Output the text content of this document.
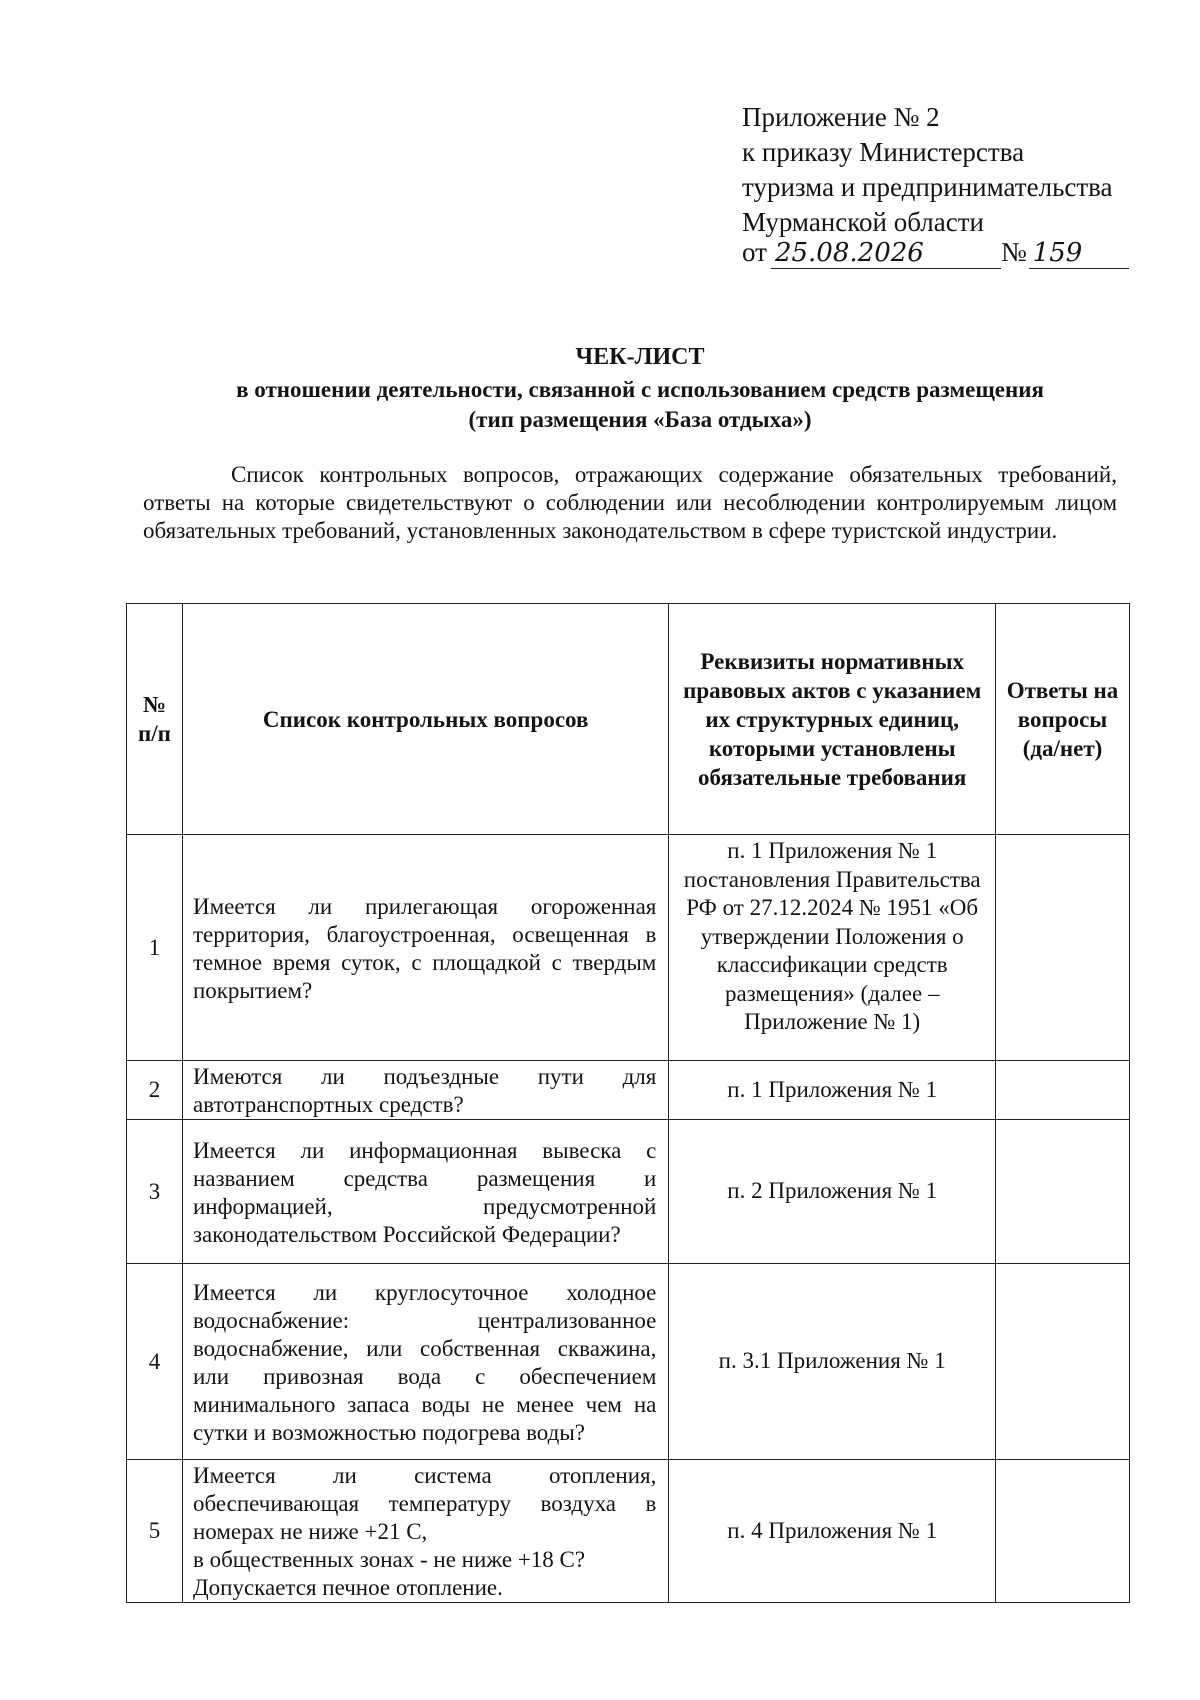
Приложение № 2
к приказу Министерства
туризма и предпринимательства
Мурманской области
от 25.08.2026	№ 159
ЧЕК-ЛИСТ
в отношении деятельности, связанной с использованием средств размещения
(тип размещения «База отдыха»)
Список контрольных вопросов, отражающих содержание обязательных требований, ответы на которые свидетельствуют о соблюдении или несоблюдении контролируемым лицом обязательных требований, установленных законодательством в сфере туристской индустрии.
№ п/п	Список контрольных вопросов	Реквизиты нормативных правовых актов с указанием их структурных единиц, которыми установлены обязательные требования	Ответы на вопросы (да/нет)
1	Имеется ли прилегающая огороженная территория, благоустроенная, освещенная в темное время суток, с площадкой с твердым покрытием?	п. 1 Приложения № 1 постановления Правительства РФ от 27.12.2024 № 1951 «Об утверждении Положения о классификации средств размещения» (далее – Приложение № 1)	
2	Имеются ли подъездные пути для автотранспортных средств?	п. 1 Приложения № 1	
3	Имеется ли информационная вывеска с названием средства размещения и информацией, предусмотренной законодательством Российской Федерации?	п. 2 Приложения № 1	
4	Имеется ли круглосуточное холодное водоснабжение: централизованное водоснабжение, или собственная скважина, или привозная вода с обеспечением минимального запаса воды не менее чем на сутки и возможностью подогрева воды?	п. 3.1 Приложения № 1	
5	Имеется ли система отопления, обеспечивающая температуру воздуха в номерах не ниже +21 С,
в общественных зонах - не ниже +18 С?
Допускается печное отопление.	п. 4 Приложения № 1	
